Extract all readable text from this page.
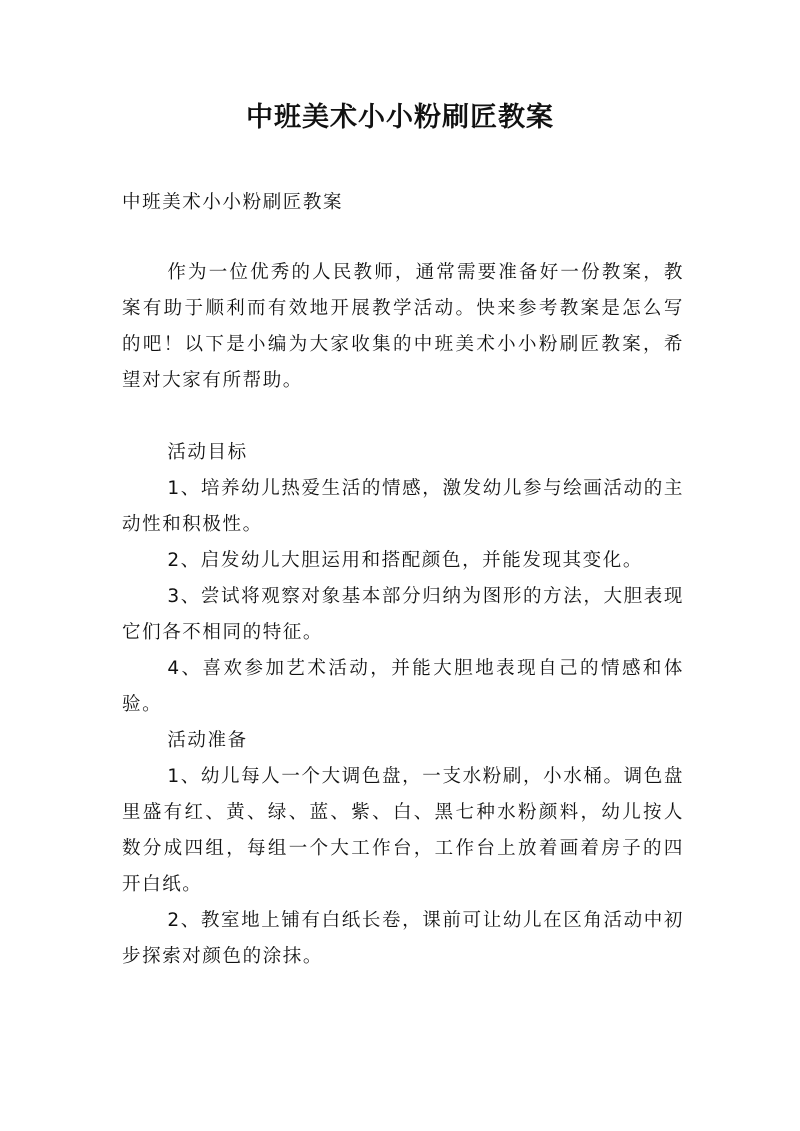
中班美术小小粉刷匠教案

中班美术小小粉刷匠教案

作为一位优秀的人民教师，通常需要准备好一份教案，教案有助于顺利而有效地开展教学活动。快来参考教案是怎么写的吧！以下是小编为大家收集的中班美术小小粉刷匠教案，希望对大家有所帮助。

活动目标

1、培养幼儿热爱生活的情感，激发幼儿参与绘画活动的主动性和积极性。

2、启发幼儿大胆运用和搭配颜色，并能发现其变化。

3、尝试将观察对象基本部分归纳为图形的方法，大胆表现它们各不相同的特征。

4、喜欢参加艺术活动，并能大胆地表现自己的情感和体验。

活动准备

1、幼儿每人一个大调色盘，一支水粉刷，小水桶。调色盘里盛有红、黄、绿、蓝、紫、白、黑七种水粉颜料，幼儿按人数分成四组，每组一个大工作台，工作台上放着画着房子的四开白纸。

2、教室地上铺有白纸长卷，课前可让幼儿在区角活动中初步探索对颜色的涂抹。
